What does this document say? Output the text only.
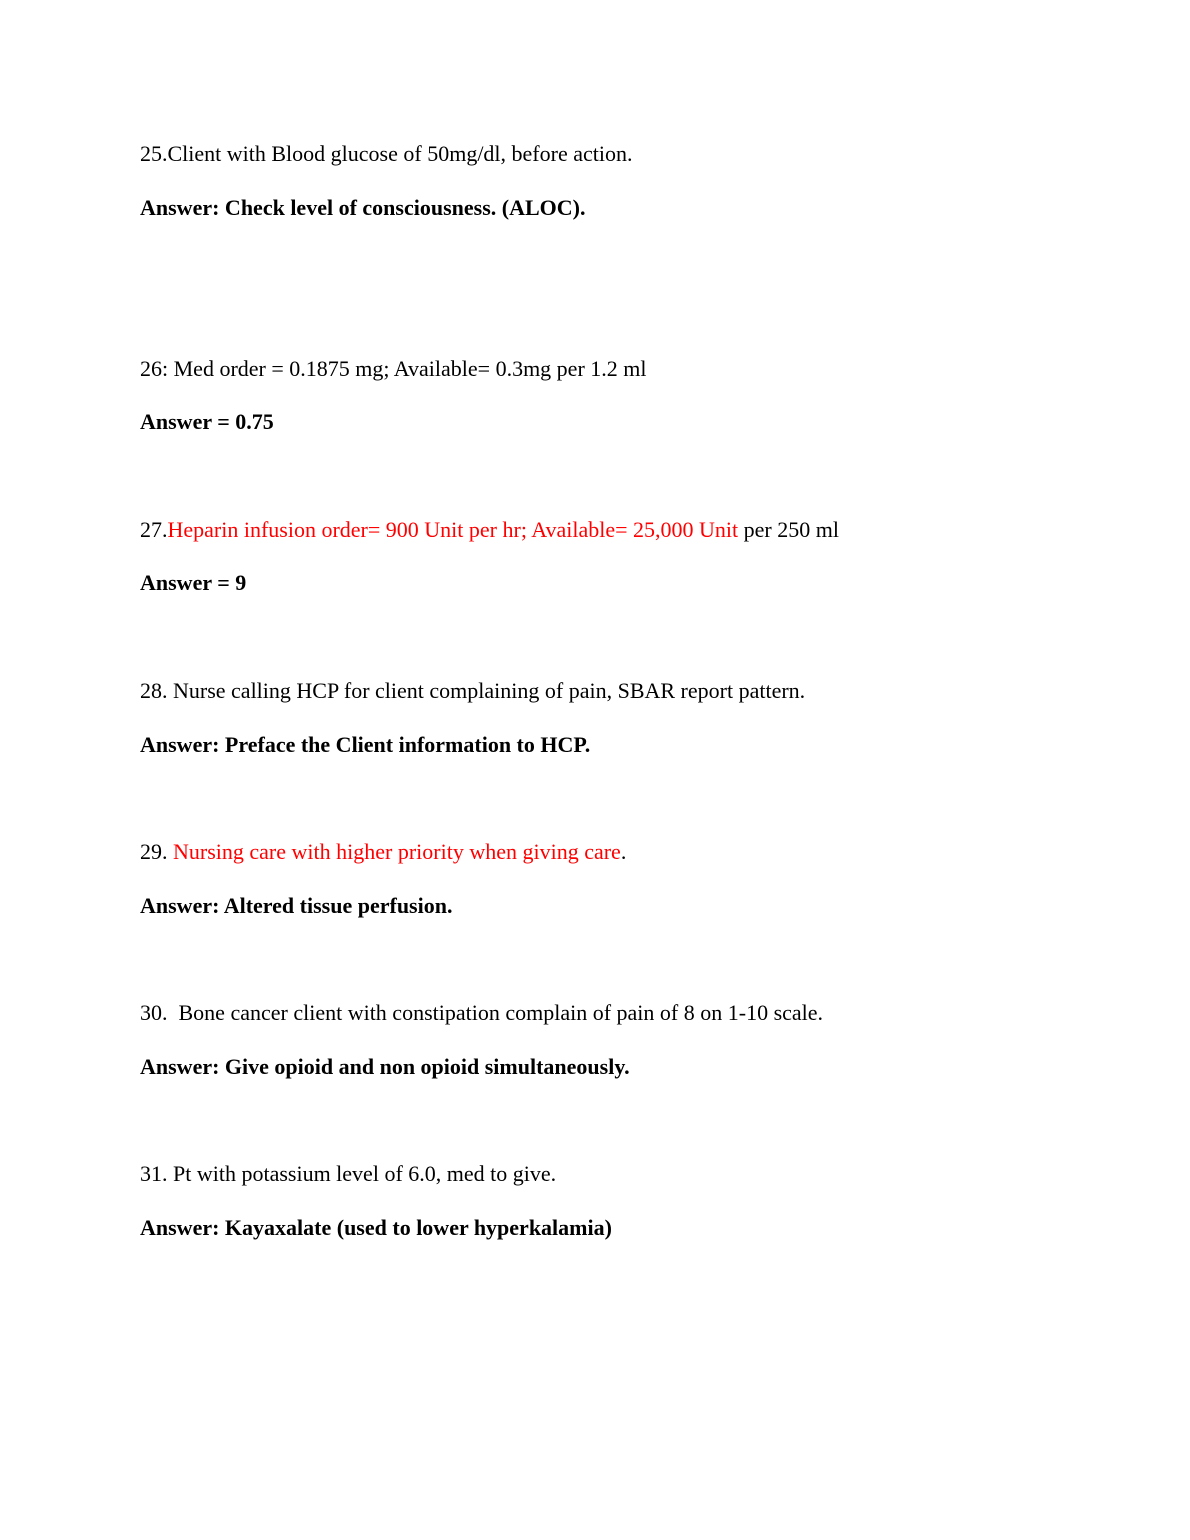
25.Client with Blood glucose of 50mg/dl, before action.
Answer: Check level of consciousness. (ALOC).
26: Med order = 0.1875 mg; Available= 0.3mg per 1.2 ml
Answer = 0.75
27.Heparin infusion order= 900 Unit per hr; Available= 25,000 Unit per 250 ml
Answer = 9
28. Nurse calling HCP for client complaining of pain, SBAR report pattern.
Answer: Preface the Client information to HCP.
29. Nursing care with higher priority when giving care.
Answer: Altered tissue perfusion.
30.  Bone cancer client with constipation complain of pain of 8 on 1-10 scale.
Answer: Give opioid and non opioid simultaneously.
31. Pt with potassium level of 6.0, med to give.
Answer: Kayaxalate (used to lower hyperkalamia)
